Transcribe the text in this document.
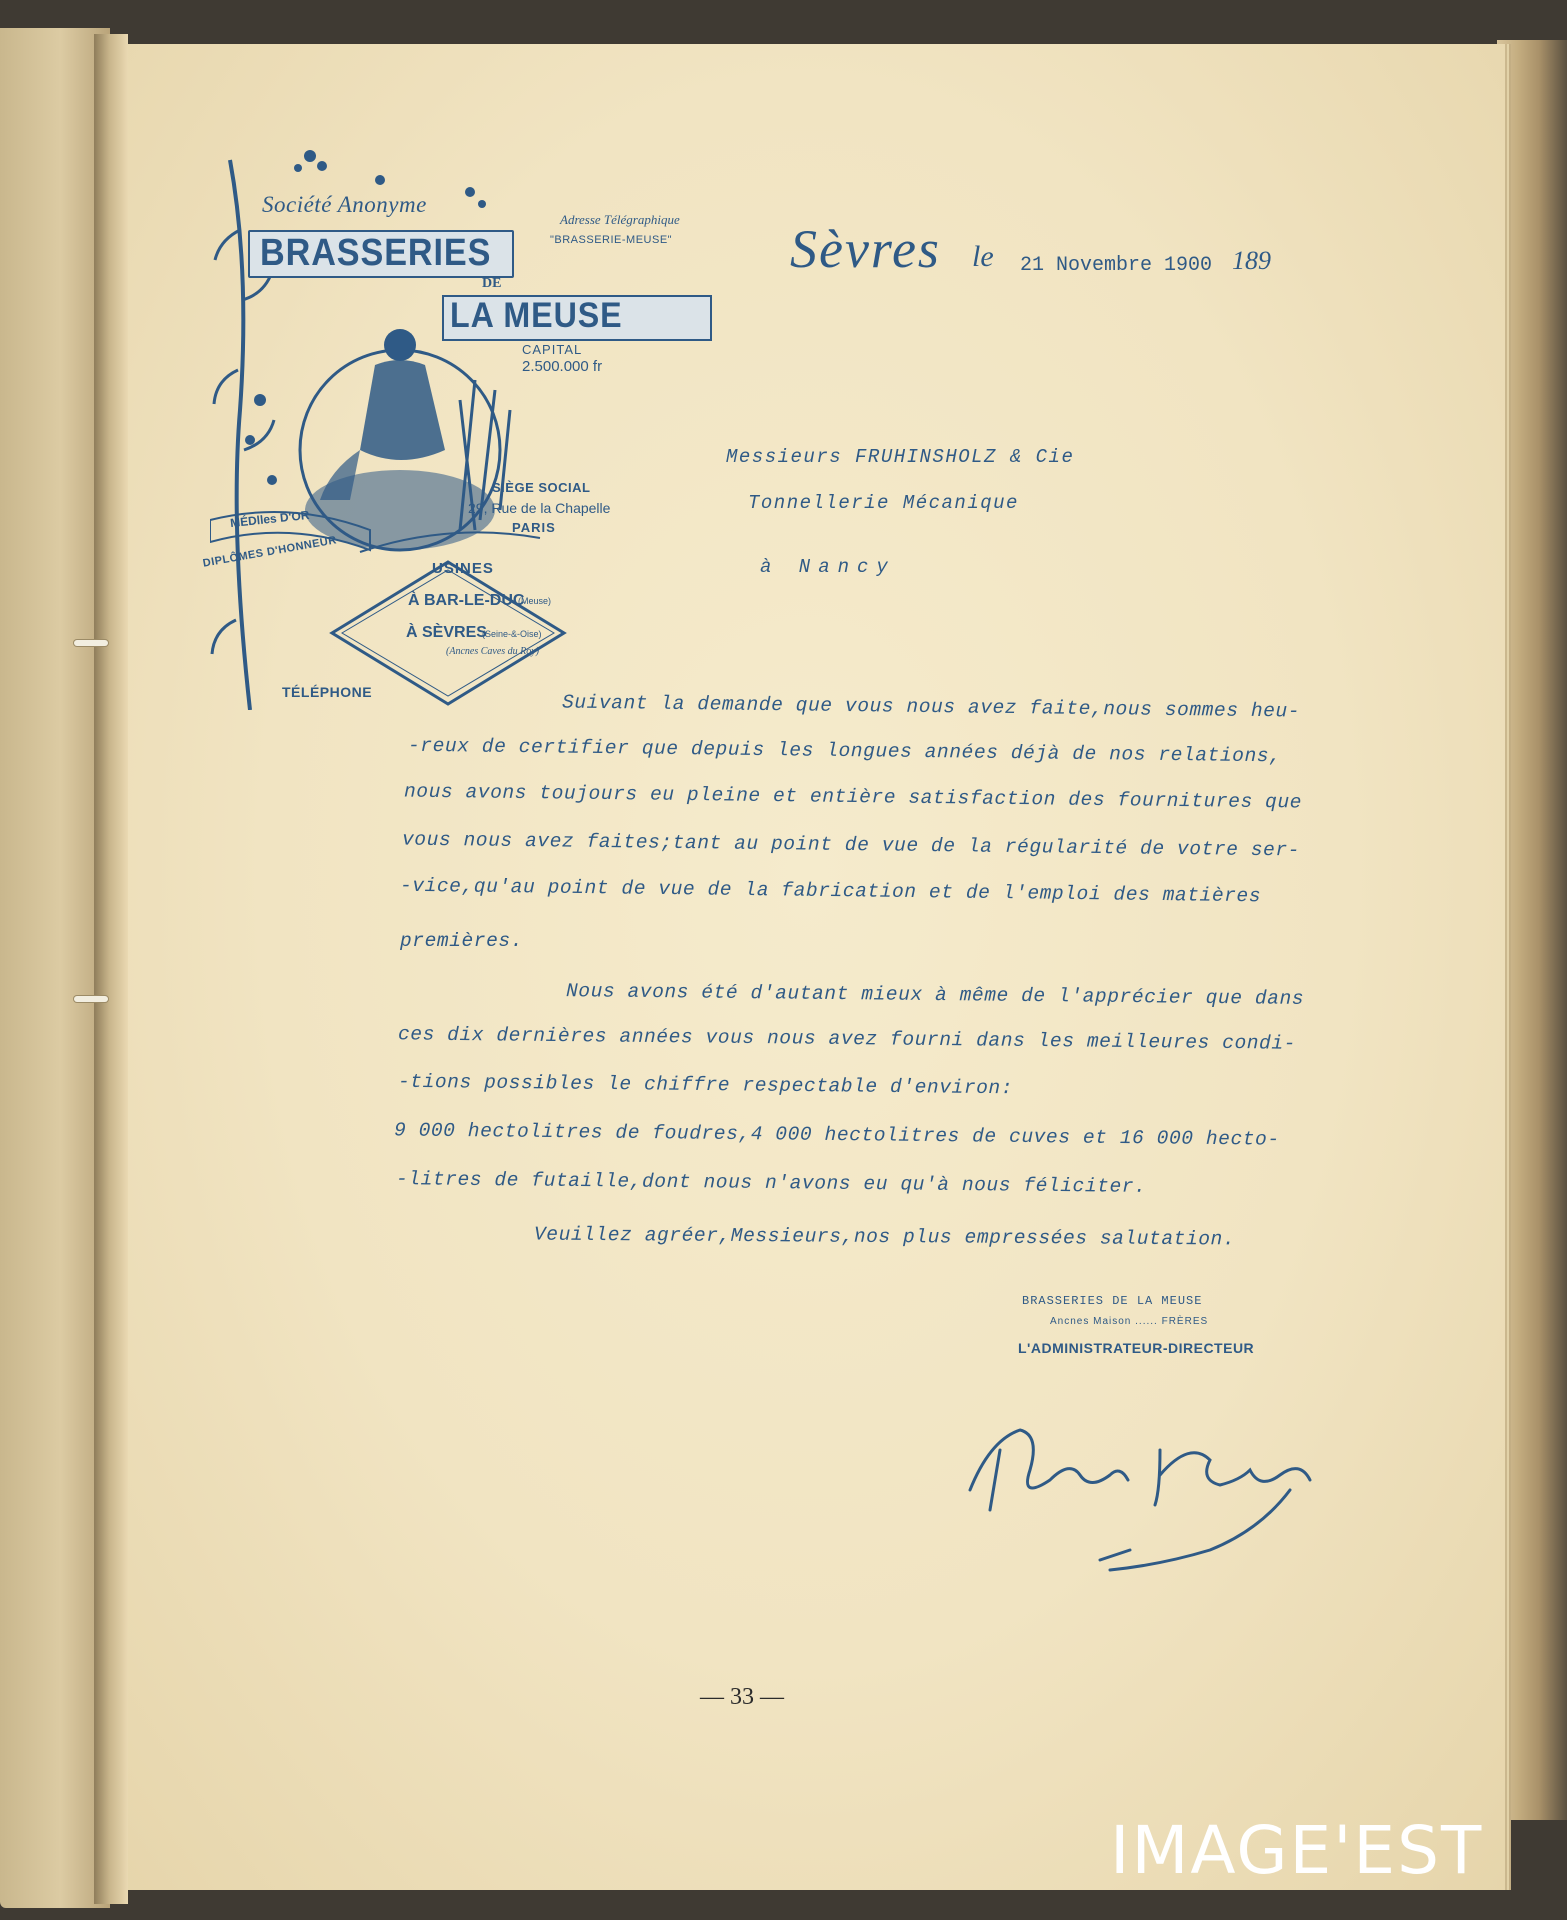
Société Anonyme
BRASSERIES
DE
LA MEUSE
CAPITAL
2.500.000 fr
Adresse Télégraphique
"BRASSERIE-MEUSE"
SIÈGE SOCIAL
29, Rue de la Chapelle
PARIS
MÉDlles D'OR
DIPLÔMES D'HONNEUR	USINES
À BAR-LE-DUC
(Meuse)
À SÈVRES
(Seine-&-Oise)
(Ancnes Caves du Roy)
TÉLÉPHONE
Sèvres le 21 Novembre 1900 189
Messieurs FRUHINSHOLZ & Cie
Tonnellerie Mécanique
à Nancy
Suivant la demande que vous nous avez faite,nous sommes heu-
-reux de certifier que depuis les longues années déjà de nos relations,
nous avons toujours eu pleine et entière satisfaction des fournitures que
vous nous avez faites;tant au point de vue de la régularité de votre ser-
-vice,qu'au point de vue de la fabrication et de l'emploi des matières
premières.
Nous avons été d'autant mieux à même de l'apprécier que dans
ces dix dernières années vous nous avez fourni dans les meilleures condi-
-tions possibles le chiffre respectable d'environ:
9 000 hectolitres de foudres,4 000 hectolitres de cuves et 16 000 hecto-
-litres de futaille,dont nous n'avons eu qu'à nous féliciter.
Veuillez agréer,Messieurs,nos plus empressées salutation.
BRASSERIES DE LA MEUSE
Ancnes Maison ...... FRÈRES
L'ADMINISTRATEUR-DIRECTEUR
— 33 —
IMAGE'EST
